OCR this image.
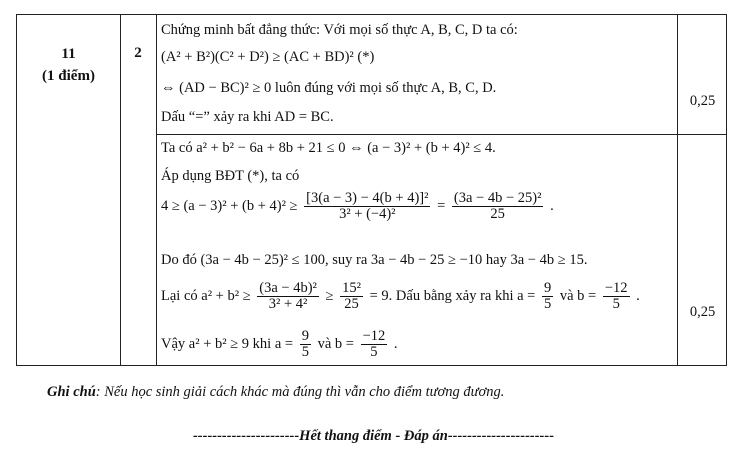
11
(1 điểm)
2
Chứng minh bất đẳng thức: Với mọi số thực A, B, C, D ta có:
(A² + B²)(C² + D²) ≥ (AC + BD)² (*)
⇔ (AD − BC)² ≥ 0 luôn đúng với mọi số thực A, B, C, D.
Dấu “=” xảy ra khi AD = BC.
0,25
Ta có a² + b² − 6a + 8b + 21 ≤ 0 ⇔ (a − 3)² + (b + 4)² ≤ 4.
Áp dụng BĐT (*), ta có
$4 \ge (a - 3)^2 + (b + 4)^2 \ge \frac{\text{[3(a − 3) − 4(b + 4)]²}}{\text{3² + (−4)²}} = \frac{\text{(3a − 4b − 25)²}}{25}$ .
Do đó (3a − 4b − 25)² ≤ 100, suy ra 3a − 4b − 25 ≥ −10 hay 3a − 4b ≥ 15.
Lại có $a^2 + b^2 \ge \frac{\text{(3a − 4b)²}}{\text{3² + 4²}} \ge \frac{\text{15²}}{25} = 9$. Dấu bằng xảy ra khi $a = \frac{9}{5}$ và $b = \frac{-12}{5}$ .
Vậy a² + b² ≥ 9 khi $a = \frac{9}{5}$ và $b = \frac{-12}{5}$ .
0,25
Ghi chú: Nếu học sinh giải cách khác mà đúng thì vẫn cho điểm tương đương.
----------------------Hết thang điểm - Đáp án----------------------
